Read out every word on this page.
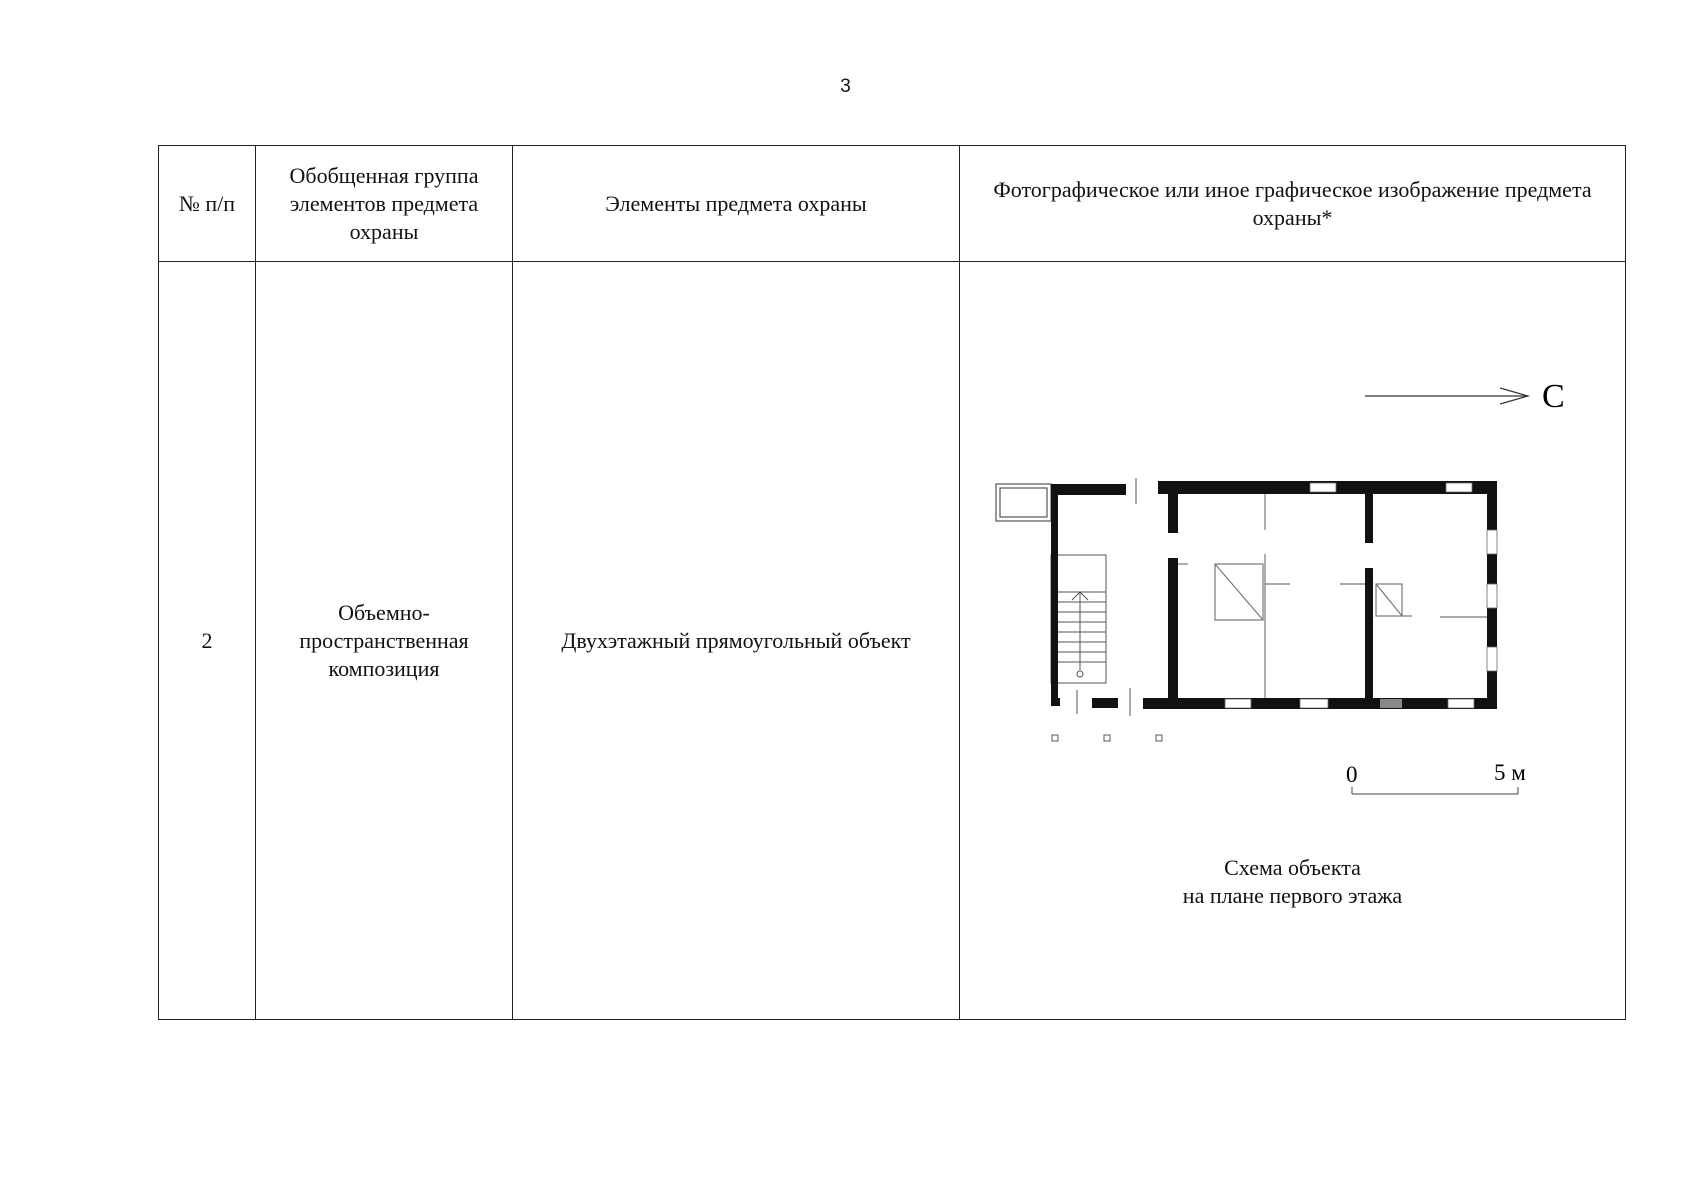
3
№ п/п	Обобщенная группа элементов предмета охраны	Элементы предмета охраны	Фотографическое или иное графическое изображение предмета охраны*

2	Объемно-пространственная композиция	Двухэтажный прямоугольный объект	С
0 5 м
Схема объекта
на плане первого этажа
